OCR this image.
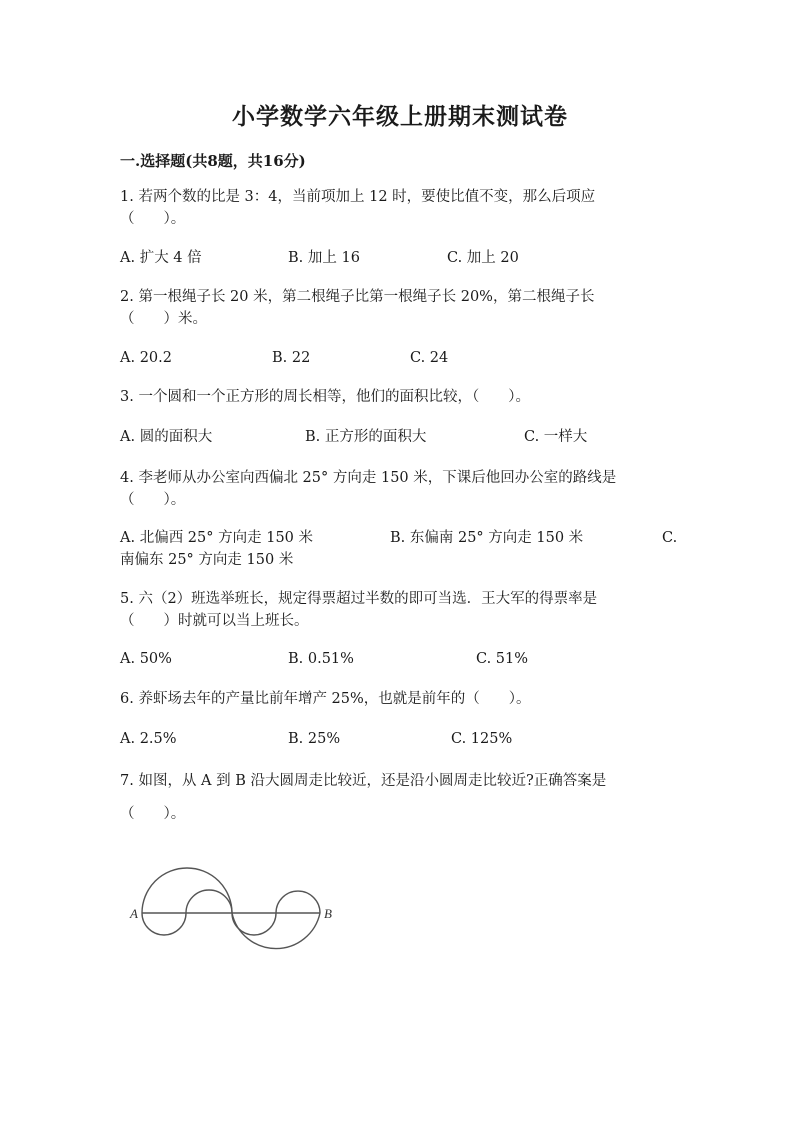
小学数学六年级上册期末测试卷
一.选择题(共8题，共16分)
1. 若两个数的比是 3：4，当前项加上 12 时，要使比值不变，那么后项应
（　　）。
A. 扩大 4 倍	B. 加上 16	C. 加上 20
2. 第一根绳子长 20 米，第二根绳子比第一根绳子长 20%，第二根绳子长
（　　）米。
A. 20.2	B. 22	C. 24
3. 一个圆和一个正方形的周长相等，他们的面积比较，（　　）。
A. 圆的面积大	B. 正方形的面积大	C. 一样大
4. 李老师从办公室向西偏北 25° 方向走 150 米，下课后他回办公室的路线是
（　　）。
A. 北偏西 25° 方向走 150 米	B. 东偏南 25° 方向走 150 米	C.
南偏东 25° 方向走 150 米
5. 六（2）班选举班长，规定得票超过半数的即可当选．王大军的得票率是
（　　）时就可以当上班长。
A. 50%	B. 0.51%	C. 51%
6. 养虾场去年的产量比前年增产 25%，也就是前年的（　　）。
A. 2.5%	B. 25%	C. 125%
7. 如图，从 A 到 B 沿大圆周走比较近，还是沿小圆周走比较近?正确答案是
（　　）。
A	B
